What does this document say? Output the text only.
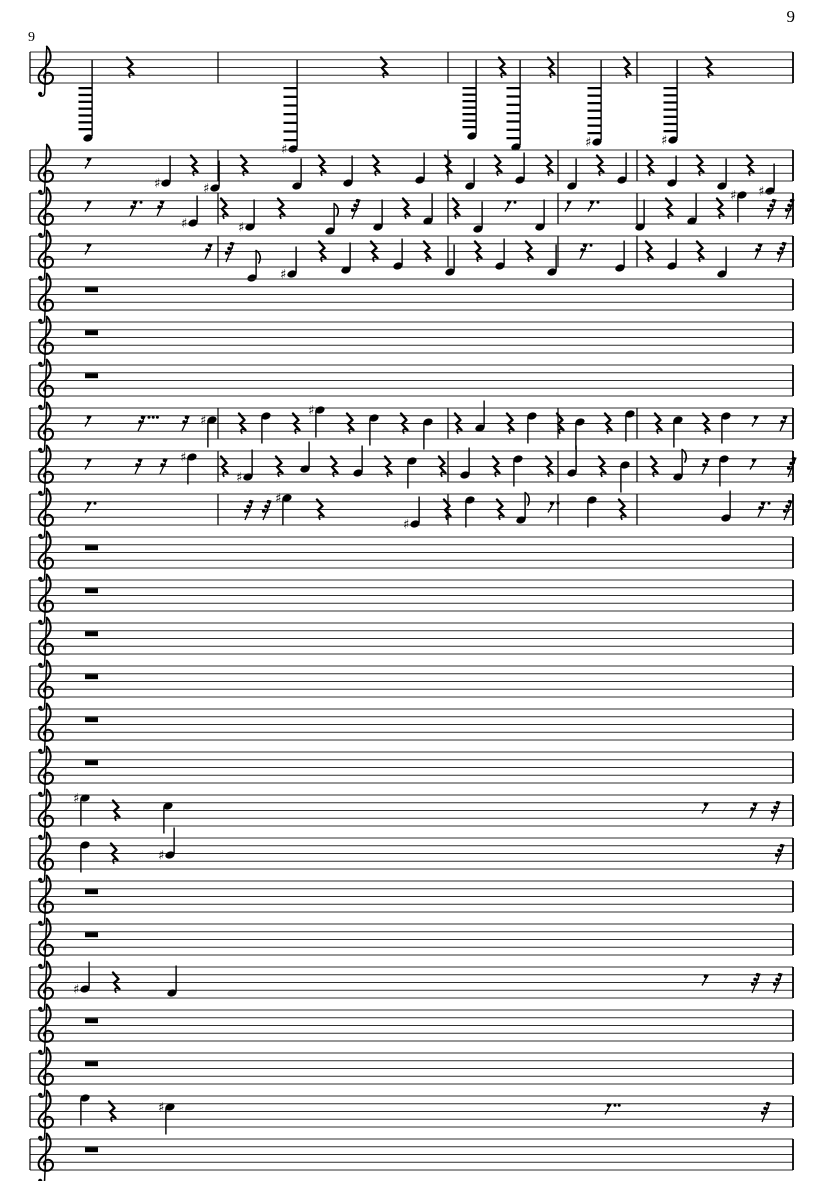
9
9
♯	♯	♯
♯	♯	♯
♯	♯
♯
♯
♯
♯
♯
♯
♯
♯
♯
♯
♯
♯
